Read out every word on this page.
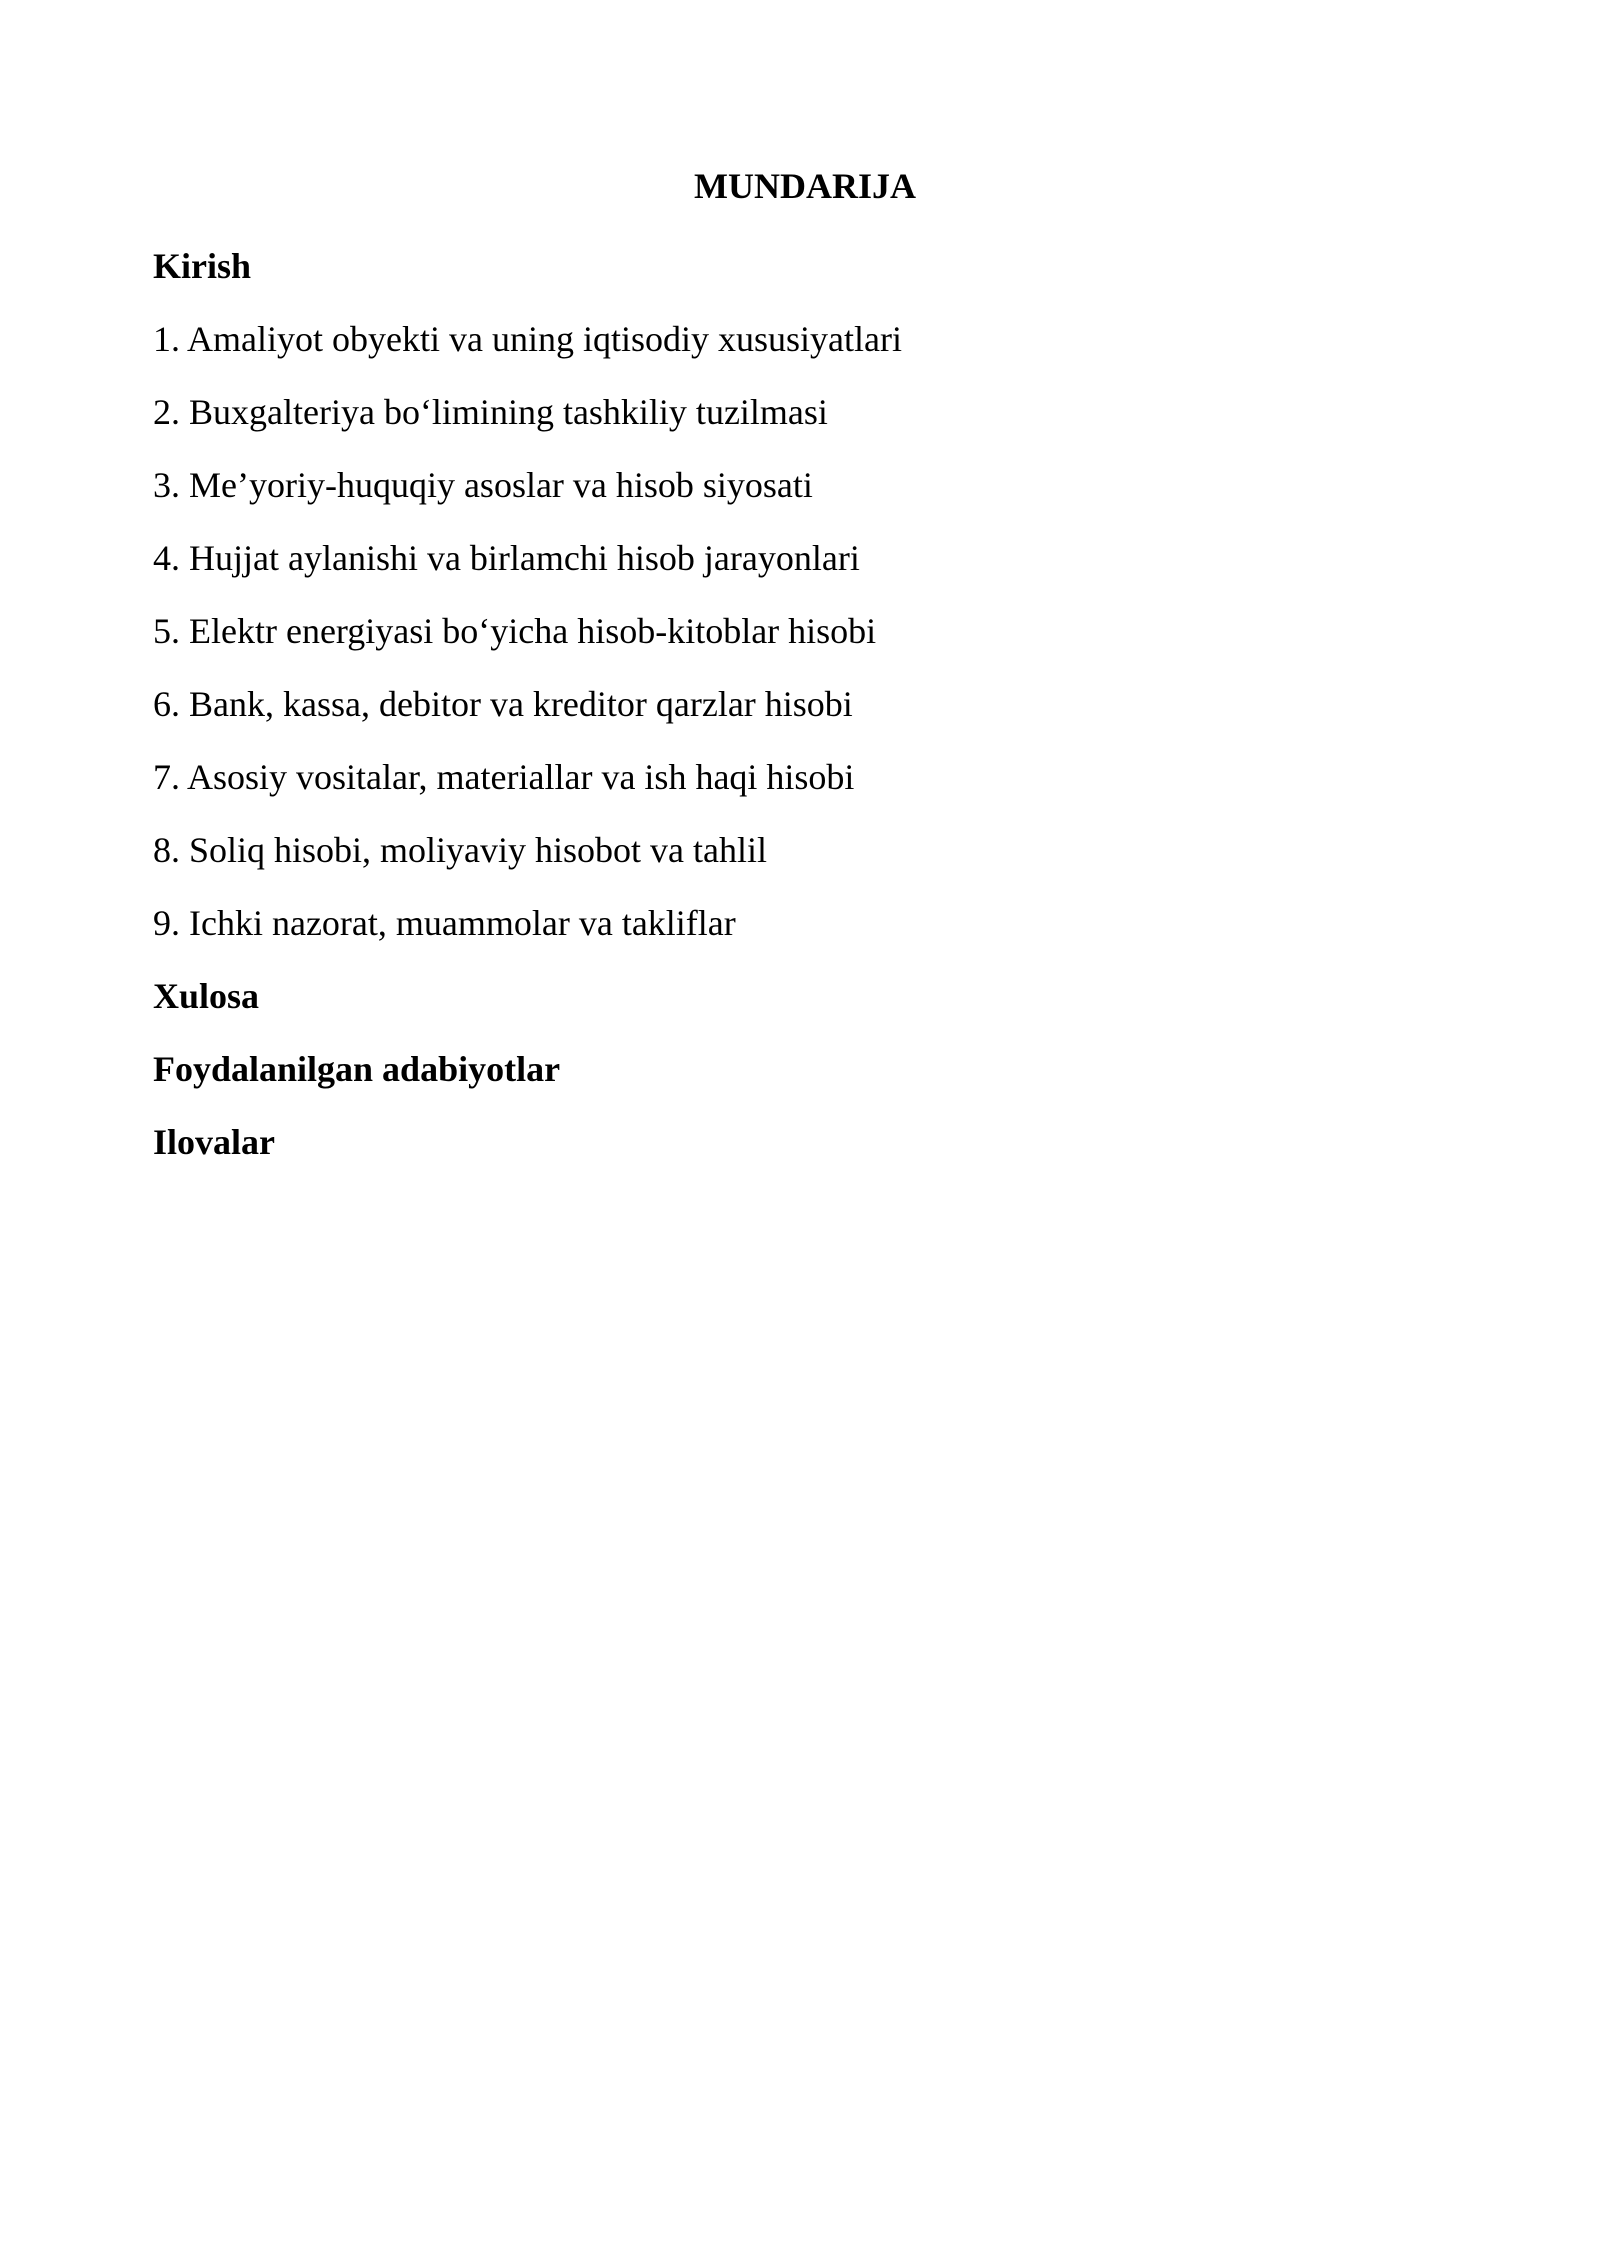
MUNDARIJA
Kirish
1. Amaliyot obyekti va uning iqtisodiy xususiyatlari
2. Buxgalteriya bo‘limining tashkiliy tuzilmasi
3. Me’yoriy-huquqiy asoslar va hisob siyosati
4. Hujjat aylanishi va birlamchi hisob jarayonlari
5. Elektr energiyasi bo‘yicha hisob-kitoblar hisobi
6. Bank, kassa, debitor va kreditor qarzlar hisobi
7. Asosiy vositalar, materiallar va ish haqi hisobi
8. Soliq hisobi, moliyaviy hisobot va tahlil
9. Ichki nazorat, muammolar va takliflar
Xulosa
Foydalanilgan adabiyotlar
Ilovalar
